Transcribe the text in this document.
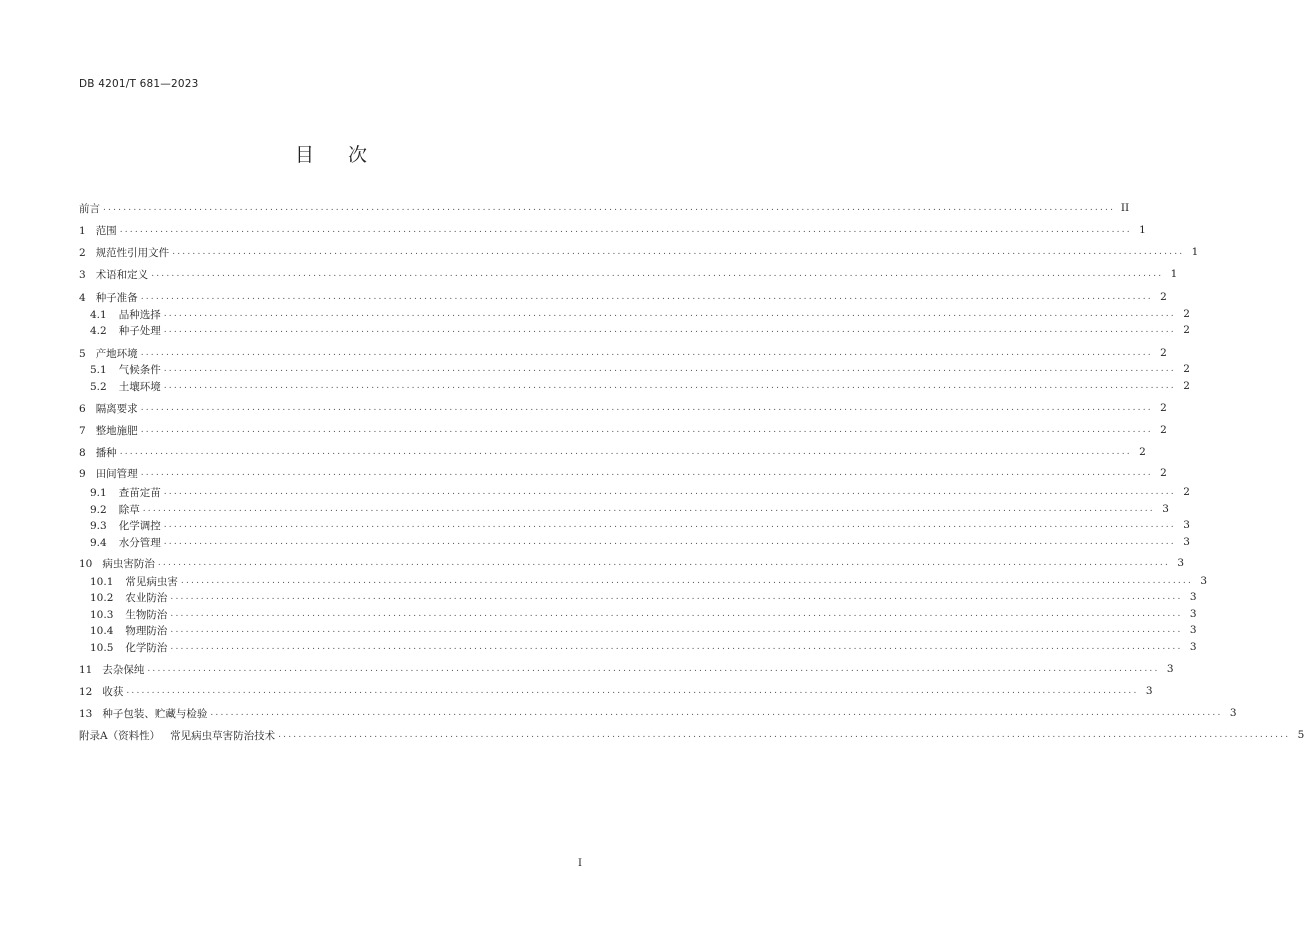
DB 4201/T 681—2023
目次
前言 ........................................................................................................................................................................................................ II
1 范围 ........................................................................................................................................................................................................ 1
2 规范性引用文件 ........................................................................................................................................................................................................ 1
3 术语和定义 ........................................................................................................................................................................................................ 1
4 种子准备 ........................................................................................................................................................................................................ 2
4.1 品种选择 ........................................................................................................................................................................................................ 2
4.2 种子处理 ........................................................................................................................................................................................................ 2
5 产地环境 ........................................................................................................................................................................................................ 2
5.1 气候条件 ........................................................................................................................................................................................................ 2
5.2 土壤环境 ........................................................................................................................................................................................................ 2
6 隔离要求 ........................................................................................................................................................................................................ 2
7 整地施肥 ........................................................................................................................................................................................................ 2
8 播种 ........................................................................................................................................................................................................ 2
9 田间管理 ........................................................................................................................................................................................................ 2
9.1 查苗定苗 ........................................................................................................................................................................................................ 2
9.2 除草 ........................................................................................................................................................................................................ 3
9.3 化学调控 ........................................................................................................................................................................................................ 3
9.4 水分管理 ........................................................................................................................................................................................................ 3
10 病虫害防治 ........................................................................................................................................................................................................ 3
10.1 常见病虫害 ........................................................................................................................................................................................................ 3
10.2 农业防治 ........................................................................................................................................................................................................ 3
10.3 生物防治 ........................................................................................................................................................................................................ 3
10.4 物理防治 ........................................................................................................................................................................................................ 3
10.5 化学防治 ........................................................................................................................................................................................................ 3
11 去杂保纯 ........................................................................................................................................................................................................ 3
12 收获 ........................................................................................................................................................................................................ 3
13 种子包装、贮藏与检验 ........................................................................................................................................................................................................ 3
附录A（资料性） 常见病虫草害防治技术 ........................................................................................................................................................................................................ 5
I
